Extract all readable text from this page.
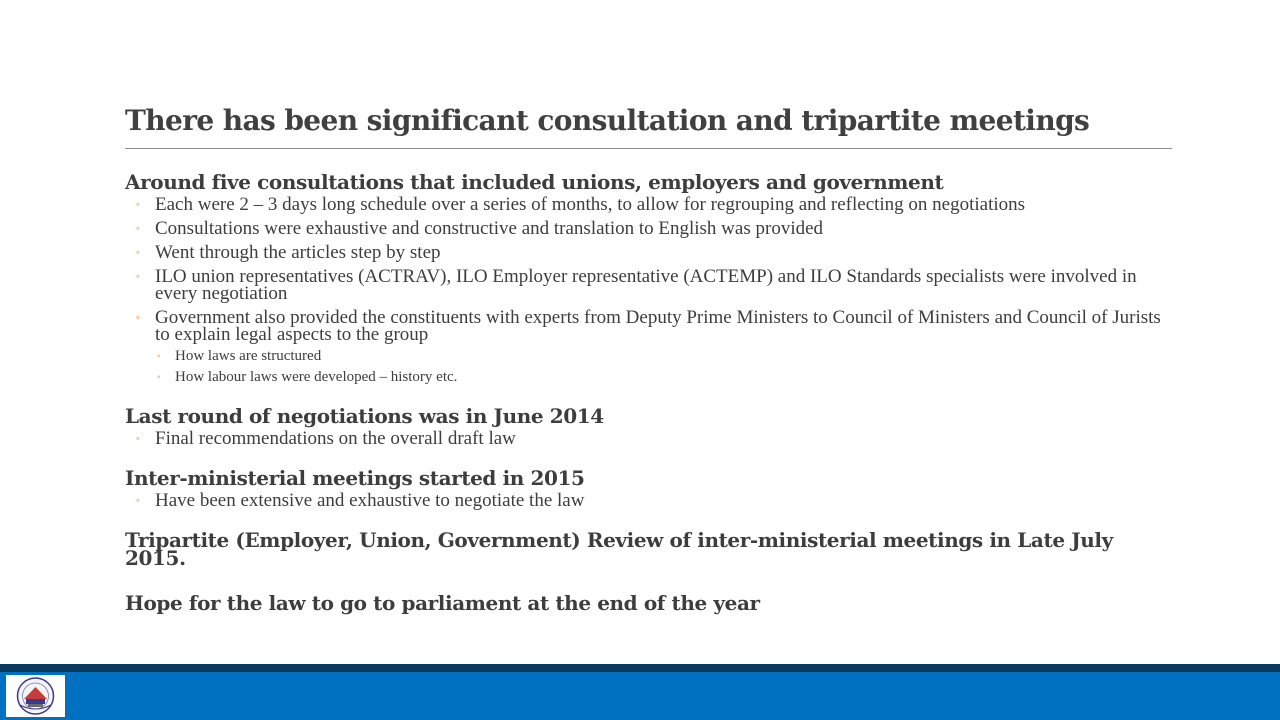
There has been significant consultation and tripartite meetings
Around five consultations that included unions, employers and government
◦ Each were 2 – 3 days long schedule over a series of months, to allow for regrouping and reflecting on negotiations
◦ Consultations were exhaustive and constructive and translation to English was provided
◦ Went through the articles step by step
◦ ILO union representatives (ACTRAV), ILO Employer representative (ACTEMP) and ILO Standards specialists were involved in every negotiation
◦ Government also provided the constituents with experts from Deputy Prime Ministers to Council of Ministers and Council of Jurists to explain legal aspects to the group
◦ How laws are structured
◦ How labour laws were developed – history etc.
Last round of negotiations was in June 2014
◦ Final recommendations on the overall draft law
Inter-ministerial meetings started in 2015
◦ Have been extensive and exhaustive to negotiate the law
Tripartite (Employer, Union, Government) Review of inter-ministerial meetings in Late July 2015.
Hope for the law to go to parliament at the end of the year
